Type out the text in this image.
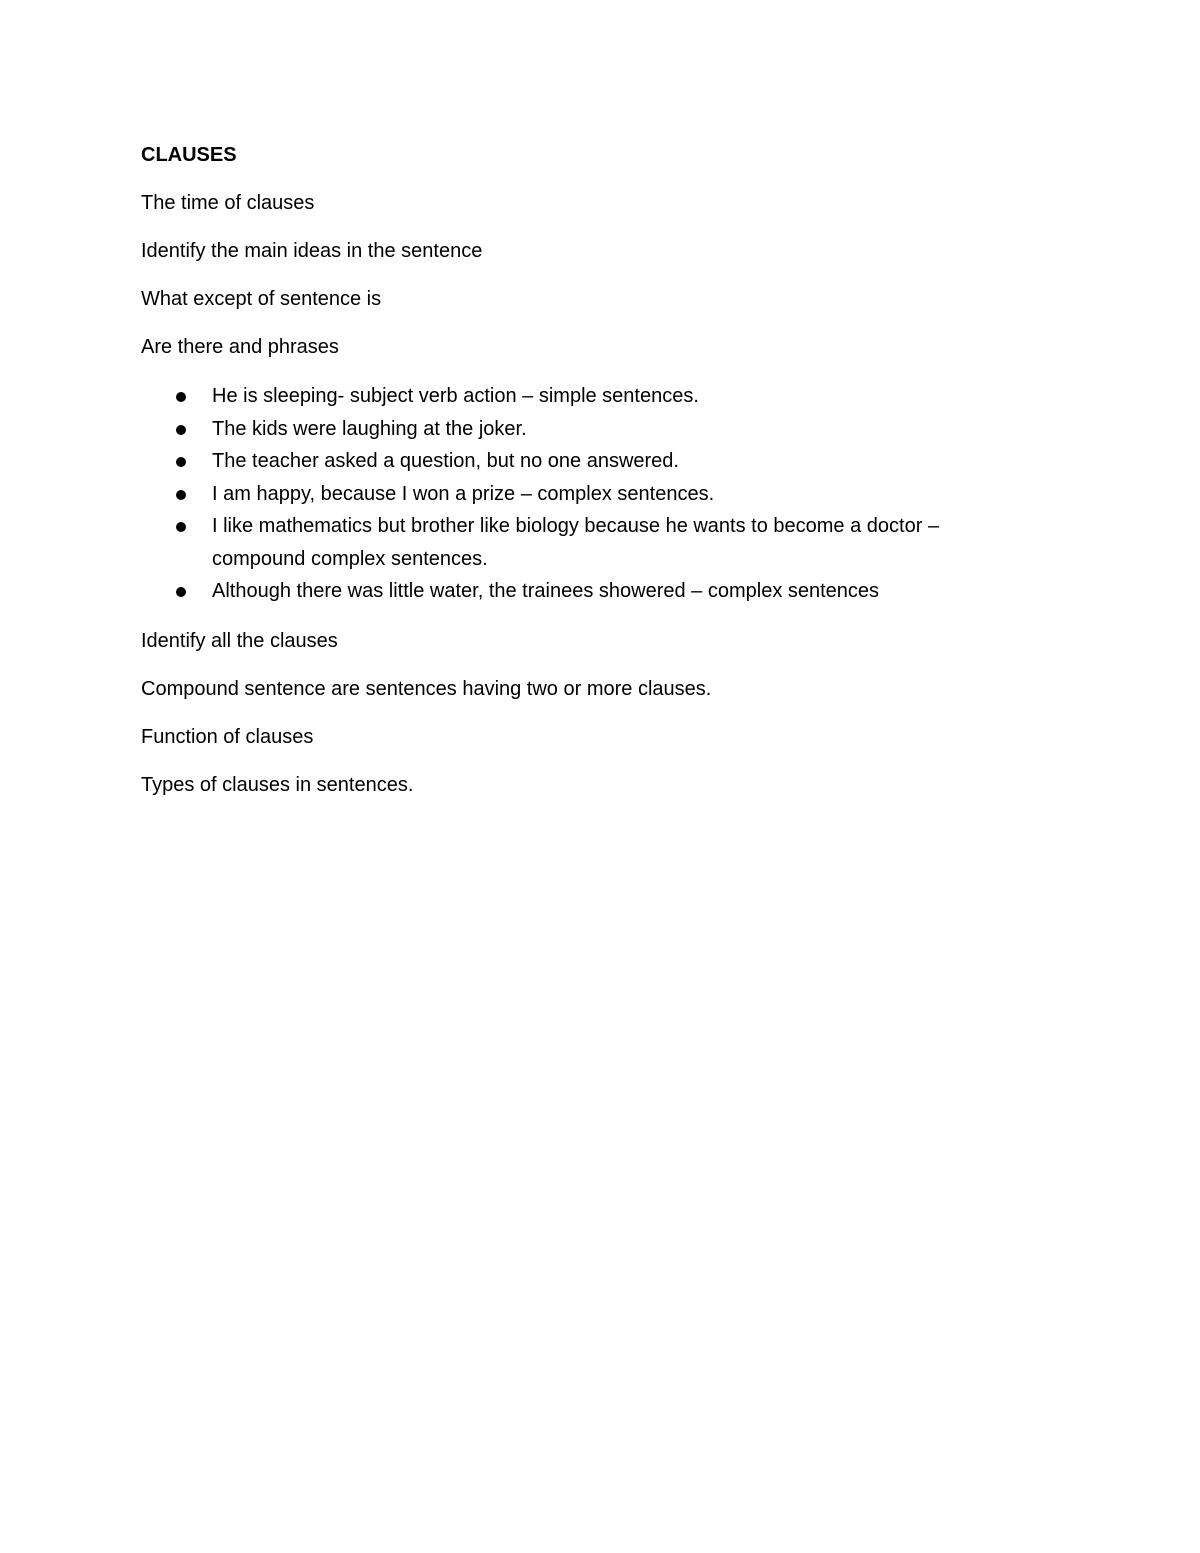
CLAUSES

The time of clauses

Identify the main ideas in the sentence

What except of sentence is

Are there and phrases

He is sleeping- subject verb action – simple sentences.
The kids were laughing at the joker.
The teacher asked a question, but no one answered.
I am happy, because I won a prize – complex sentences.
I like mathematics but brother like biology because he wants to become a doctor – compound complex sentences.
Although there was little water, the trainees showered – complex sentences

Identify all the clauses

Compound sentence are sentences having two or more clauses.

Function of clauses

Types of clauses in sentences.
